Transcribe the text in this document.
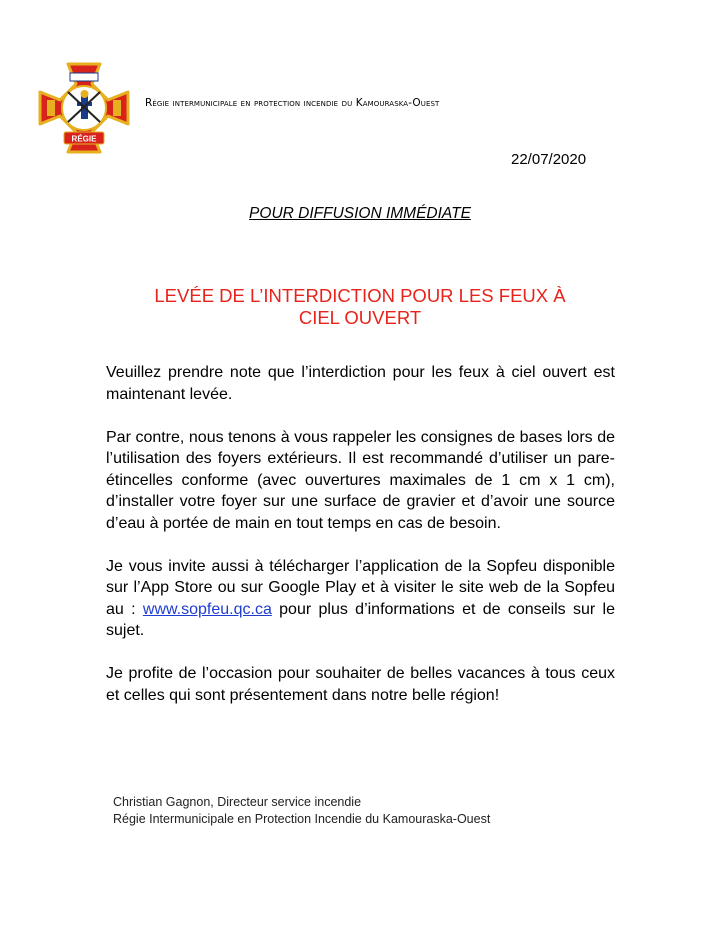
RÉGIE
Régie intermunicipale en protection incendie du Kamouraska-Ouest
22/07/2020
POUR DIFFUSION IMMÉDIATE
LEVÉE DE L’INTERDICTION POUR LES FEUX À
CIEL OUVERT

Veuillez prendre note que l’interdiction pour les feux à ciel ouvert est maintenant levée.

Par contre, nous tenons à vous rappeler les consignes de bases lors de l’utilisation des foyers extérieurs. Il est recommandé d’utiliser un pare-étincelles conforme (avec ouvertures maximales de 1 cm x 1 cm), d’installer votre foyer sur une surface de gravier et d’avoir une source d’eau à portée de main en tout temps en cas de besoin.

Je vous invite aussi à télécharger l’application de la Sopfeu disponible sur l’App Store ou sur Google Play et à visiter le site web de la Sopfeu au : www.sopfeu.qc.ca pour plus d’informations et de conseils sur le sujet.

Je profite de l’occasion pour souhaiter de belles vacances à tous ceux et celles qui sont présentement dans notre belle région!

Christian Gagnon, Directeur service incendie
Régie Intermunicipale en Protection Incendie du Kamouraska-Ouest
